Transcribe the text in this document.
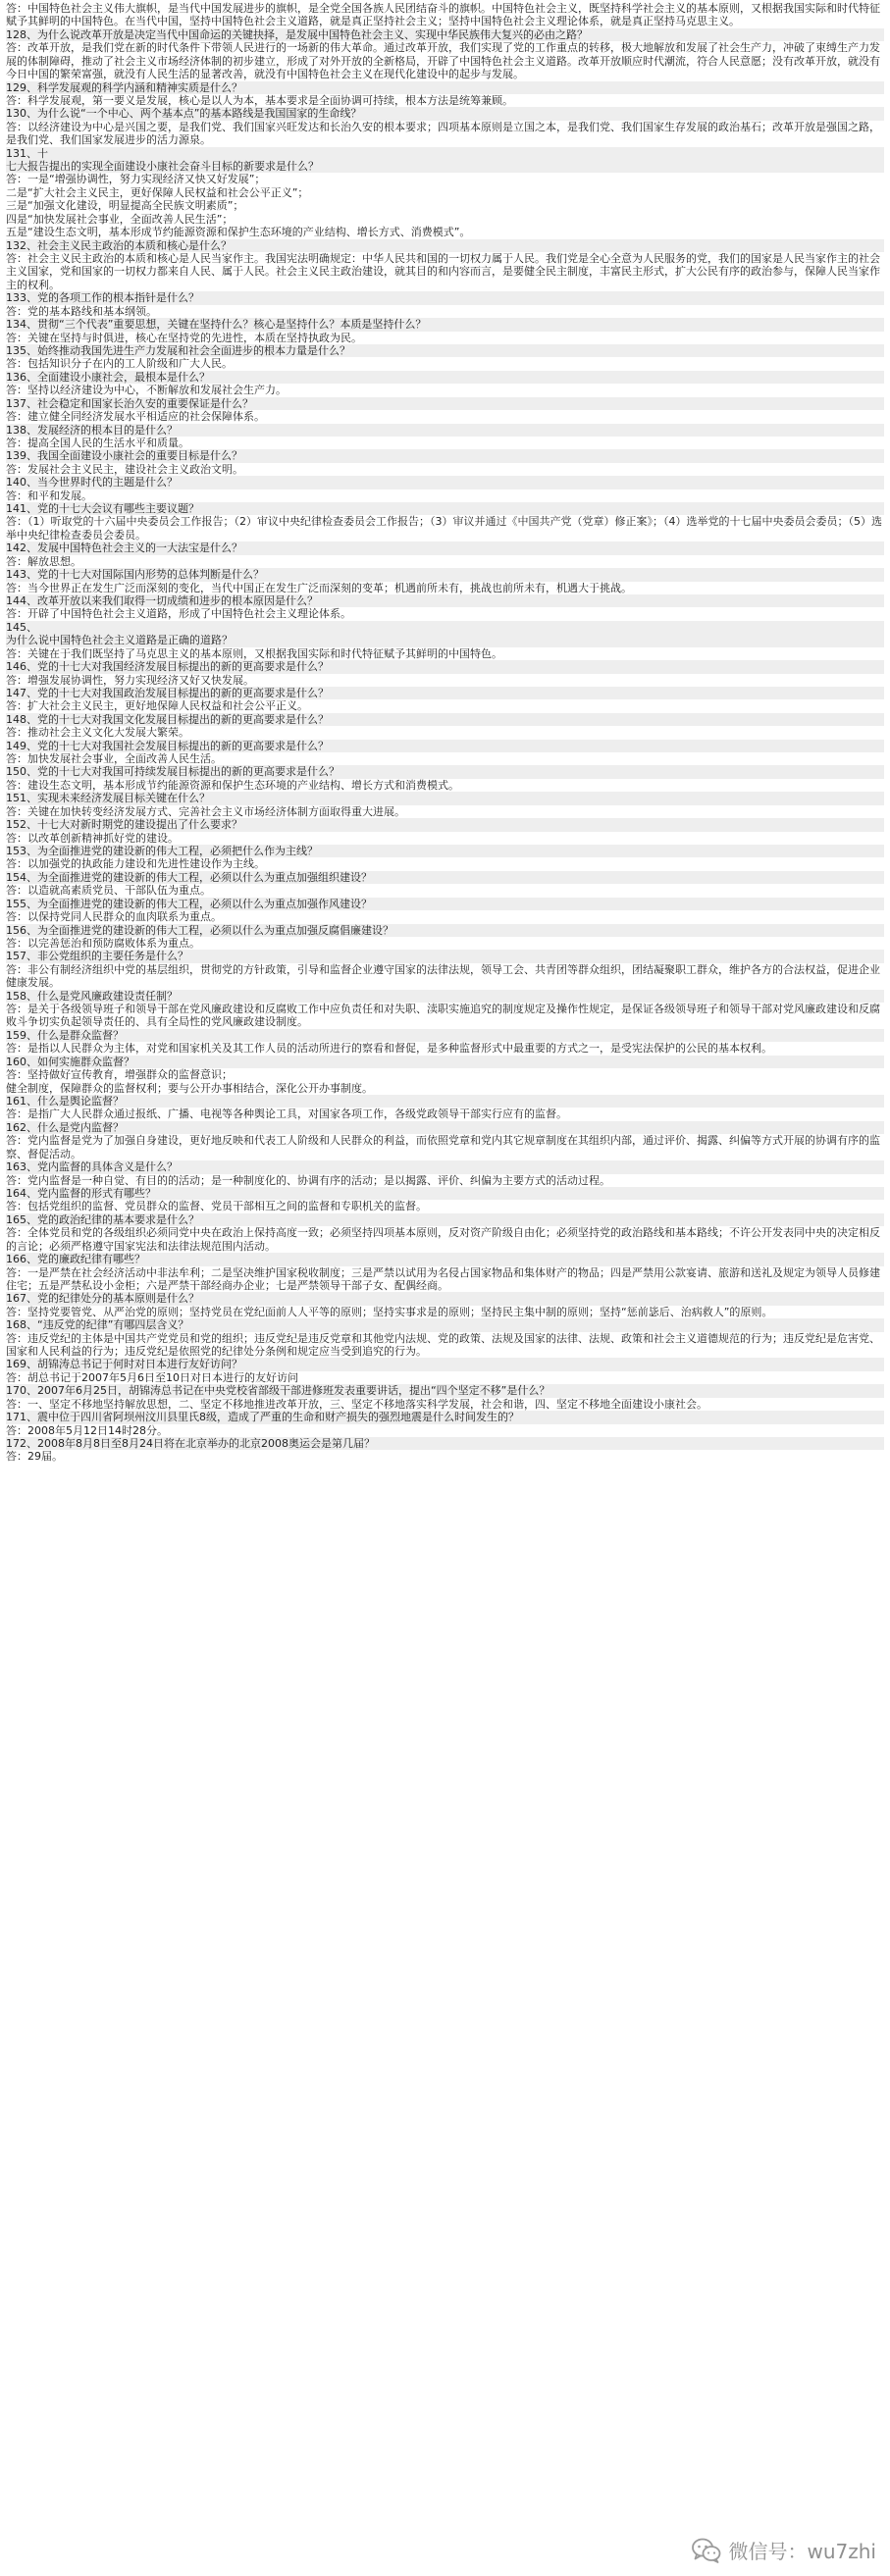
答：中国特色社会主义伟大旗帜，是当代中国发展进步的旗帜，是全党全国各族人民团结奋斗的旗帜。中国特色社会主义，既坚持科学社会主义的基本原则，又根据我国实际和时代特征赋予其鲜明的中国特色。在当代中国，坚持中国特色社会主义道路，就是真正坚持社会主义；坚持中国特色社会主义理论体系，就是真正坚持马克思主义。

128、为什么说改革开放是决定当代中国命运的关键抉择，是发展中国特色社会主义、实现中华民族伟大复兴的必由之路？

答：改革开放，是我们党在新的时代条件下带领人民进行的一场新的伟大革命。通过改革开放，我们实现了党的工作重点的转移，极大地解放和发展了社会生产力，冲破了束缚生产力发展的体制障碍，推动了社会主义市场经济体制的初步建立，形成了对外开放的全新格局，开辟了中国特色社会主义道路。改革开放顺应时代潮流，符合人民意愿；没有改革开放，就没有今日中国的繁荣富强，就没有人民生活的显著改善，就没有中国特色社会主义在现代化建设中的起步与发展。

129、科学发展观的科学内涵和精神实质是什么？

答：科学发展观，第一要义是发展，核心是以人为本，基本要求是全面协调可持续，根本方法是统筹兼顾。

130、为什么说“一个中心、两个基本点”的基本路线是我国国家的生命线？

答：以经济建设为中心是兴国之要，是我们党、我们国家兴旺发达和长治久安的根本要求；四项基本原则是立国之本，是我们党、我们国家生存发展的政治基石；改革开放是强国之路，是我们党、我们国家发展进步的活力源泉。

131、十

七大报告提出的实现全面建设小康社会奋斗目标的新要求是什么？

答：一是“增强协调性，努力实现经济又快又好发展”；

二是“扩大社会主义民主，更好保障人民权益和社会公平正义”；

三是“加强文化建设，明显提高全民族文明素质”；

四是“加快发展社会事业，全面改善人民生活”；

五是“建设生态文明，基本形成节约能源资源和保护生态环境的产业结构、增长方式、消费模式”。

132、社会主义民主政治的本质和核心是什么？

答：社会主义民主政治的本质和核心是人民当家作主。我国宪法明确规定：中华人民共和国的一切权力属于人民。我们党是全心全意为人民服务的党，我们的国家是人民当家作主的社会主义国家，党和国家的一切权力都来自人民、属于人民。社会主义民主政治建设，就其目的和内容而言，是要健全民主制度，丰富民主形式，扩大公民有序的政治参与，保障人民当家作主的权利。

133、党的各项工作的根本指针是什么？

答：党的基本路线和基本纲领。

134、贯彻“三个代表”重要思想，关键在坚持什么？核心是坚持什么？本质是坚持什么？

答：关键在坚持与时俱进，核心在坚持党的先进性，本质在坚持执政为民。

135、始终推动我国先进生产力发展和社会全面进步的根本力量是什么？

答：包括知识分子在内的工人阶级和广大人民。

136、全面建设小康社会，最根本是什么？

答：坚持以经济建设为中心，不断解放和发展社会生产力。

137、社会稳定和国家长治久安的重要保证是什么？

答：建立健全同经济发展水平相适应的社会保障体系。

138、发展经济的根本目的是什么？

答：提高全国人民的生活水平和质量。

139、我国全面建设小康社会的重要目标是什么？

答：发展社会主义民主，建设社会主义政治文明。

140、当今世界时代的主题是什么？

答：和平和发展。

141、党的十七大会议有哪些主要议题？

答：（1）听取党的十六届中央委员会工作报告；（2）审议中央纪律检查委员会工作报告；（3）审议并通过《中国共产党（党章）修正案》；（4）选举党的十七届中央委员会委员；（5）选举中央纪律检查委员会委员。

142、发展中国特色社会主义的一大法宝是什么？

答：解放思想。

143、党的十七大对国际国内形势的总体判断是什么？

答：当今世界正在发生广泛而深刻的变化，当代中国正在发生广泛而深刻的变革；机遇前所未有，挑战也前所未有，机遇大于挑战。

144、改革开放以来我们取得一切成绩和进步的根本原因是什么？

答：开辟了中国特色社会主义道路，形成了中国特色社会主义理论体系。

145、

为什么说中国特色社会主义道路是正确的道路？

答：关键在于我们既坚持了马克思主义的基本原则，又根据我国实际和时代特征赋予其鲜明的中国特色。

146、党的十七大对我国经济发展目标提出的新的更高要求是什么？

答：增强发展协调性，努力实现经济又好又快发展。

147、党的十七大对我国政治发展目标提出的新的更高要求是什么？

答：扩大社会主义民主，更好地保障人民权益和社会公平正义。

148、党的十七大对我国文化发展目标提出的新的更高要求是什么？

答：推动社会主义文化大发展大繁荣。

149、党的十七大对我国社会发展目标提出的新的更高要求是什么？

答：加快发展社会事业，全面改善人民生活。

150、党的十七大对我国可持续发展目标提出的新的更高要求是什么？

答：建设生态文明，基本形成节约能源资源和保护生态环境的产业结构、增长方式和消费模式。

151、实现未来经济发展目标关键在什么？

答：关键在加快转变经济发展方式、完善社会主义市场经济体制方面取得重大进展。

152、十七大对新时期党的建设提出了什么要求？

答：以改革创新精神抓好党的建设。

153、为全面推进党的建设新的伟大工程，必须把什么作为主线？

答：以加强党的执政能力建设和先进性建设作为主线。

154、为全面推进党的建设新的伟大工程，必须以什么为重点加强组织建设？

答：以造就高素质党员、干部队伍为重点。

155、为全面推进党的建设新的伟大工程，必须以什么为重点加强作风建设？

答：以保持党同人民群众的血肉联系为重点。

156、为全面推进党的建设新的伟大工程，必须以什么为重点加强反腐倡廉建设？

答：以完善惩治和预防腐败体系为重点。

157、非公党组织的主要任务是什么？

答：非公有制经济组织中党的基层组织，贯彻党的方针政策，引导和监督企业遵守国家的法律法规，领导工会、共青团等群众组织，团结凝聚职工群众，维护各方的合法权益，促进企业健康发展。

158、什么是党风廉政建设责任制？

答：是关于各级领导班子和领导干部在党风廉政建设和反腐败工作中应负责任和对失职、渎职实施追究的制度规定及操作性规定，是保证各级领导班子和领导干部对党风廉政建设和反腐败斗争切实负起领导责任的、具有全局性的党风廉政建设制度。

159、什么是群众监督？

答：是指以人民群众为主体，对党和国家机关及其工作人员的活动所进行的察看和督促，是多种监督形式中最重要的方式之一，是受宪法保护的公民的基本权利。

160、如何实施群众监督？

答：坚持做好宣传教育，增强群众的监督意识；

健全制度，保障群众的监督权利；要与公开办事相结合，深化公开办事制度。

161、什么是舆论监督？

答：是指广大人民群众通过报纸、广播、电视等各种舆论工具，对国家各项工作，各级党政领导干部实行应有的监督。

162、什么是党内监督？

答：党内监督是党为了加强自身建设，更好地反映和代表工人阶级和人民群众的利益，而依照党章和党内其它规章制度在其组织内部，通过评价、揭露、纠偏等方式开展的协调有序的监察、督促活动。

163、党内监督的具体含义是什么？

答：党内监督是一种自觉、有目的的活动；是一种制度化的、协调有序的活动；是以揭露、评价、纠偏为主要方式的活动过程。

164、党内监督的形式有哪些？

答：包括党组织的监督、党员群众的监督、党员干部相互之间的监督和专职机关的监督。

165、党的政治纪律的基本要求是什么？

答：全体党员和党的各级组织必须同党中央在政治上保持高度一致；必须坚持四项基本原则，反对资产阶级自由化；必须坚持党的政治路线和基本路线；不许公开发表同中央的决定相反的言论；必须严格遵守国家宪法和法律法规范围内活动。

166、党的廉政纪律有哪些？

答：一是严禁在社会经济活动中非法牟利；二是坚决维护国家税收制度；三是严禁以试用为名侵占国家物品和集体财产的物品；四是严禁用公款宴请、旅游和送礼及规定为领导人员修建住宅；五是严禁私设小金柜；六是严禁干部经商办企业；七是严禁领导干部子女、配偶经商。

167、党的纪律处分的基本原则是什么？

答：坚持党要管党、从严治党的原则；坚持党员在党纪面前人人平等的原则；坚持实事求是的原则；坚持民主集中制的原则；坚持“惩前毖后、治病救人”的原则。

168、“违反党的纪律”有哪四层含义？

答：违反党纪的主体是中国共产党党员和党的组织；违反党纪是违反党章和其他党内法规、党的政策、法规及国家的法律、法规、政策和社会主义道德规范的行为；违反党纪是危害党、国家和人民利益的行为；违反党纪是依照党的纪律处分条例和规定应当受到追究的行为。

169、胡锦涛总书记于何时对日本进行友好访问？

答：胡总书记于2007年5月6日至10日对日本进行的友好访问

170、2007年6月25日，胡锦涛总书记在中央党校省部级干部进修班发表重要讲话，提出“四个坚定不移”是什么？

答：一、坚定不移地坚持解放思想，二、坚定不移地推进改革开放，三、坚定不移地落实科学发展，社会和谐，四、坚定不移地全面建设小康社会。

171、震中位于四川省阿坝州汶川县里氏8级，造成了严重的生命和财产损失的强烈地震是什么时间发生的？

答：2008年5月12日14时28分。

172、2008年8月8日至8月24日将在北京举办的北京2008奥运会是第几届？

答：29届。

微信号：wu7zhi
